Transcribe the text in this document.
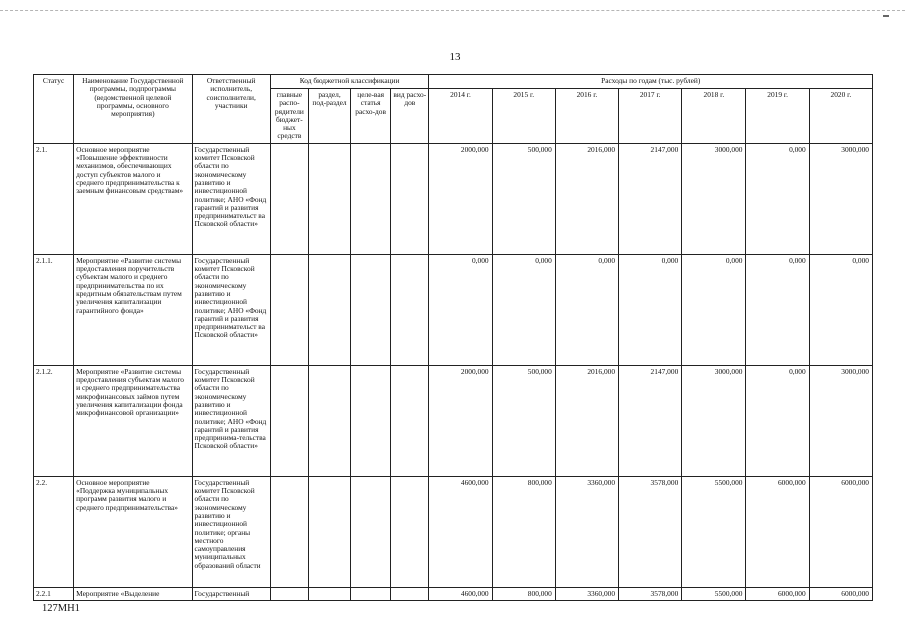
13
Статус	Наименование Государственной программы, подпрограммы (ведомственной целевой программы, основного мероприятия)	Ответственный исполнитель, соисполнители, участники	Код бюджетной классификации				Расходы по годам (тыс. рублей)						
			главные распо-рядители бюджет-ных средств	раздел, под-раздел	целе-вая статья расхо-дов	вид расхо-дов	2014 г.	2015 г.	2016 г.	2017 г.	2018 г.	2019 г.	2020 г.
2.1.	Основное мероприятие «Повышение эффективности механизмов, обеспечивающих доступ субъектов малого и среднего предпринимательства к заемным финансовым средствам»	Государственный комитет Псковской области по экономическому развитию и инвестиционной политике; АНО «Фонд гарантий и развития предпринимательст ва Псковской области»					2000,000	500,000	2016,000	2147,000	3000,000	0,000	3000,000
2.1.1.	Мероприятие «Развитие системы предоставления поручительств субъектам малого и среднего предпринимательства по их кредитным обязательствам путем увеличения капитализации гарантийного фонда»	Государственный комитет Псковской области по экономическому развитию и инвестиционной политике; АНО «Фонд гарантий и развития предпринимательст ва Псковской области»					0,000	0,000	0,000	0,000	0,000	0,000	0,000
2.1.2.	Мероприятие «Развитие системы предоставления субъектам малого и среднего предпринимательства микрофинансовых займов путем увеличения капитализации фонда микрофинансовой организации»	Государственный комитет Псковской области по экономическому развитию и инвестиционной политике; АНО «Фонд гарантий и развития предпринима-тельства Псковской области»					2000,000	500,000	2016,000	2147,000	3000,000	0,000	3000,000
2.2.	Основное мероприятие «Поддержка муниципальных программ развития малого и среднего предпринимательства»	Государственный комитет Псковской области по экономическому развитию и инвестиционной политике; органы местного самоуправления муниципальных образований области					4600,000	800,000	3360,000	3578,000	5500,000	6000,000	6000,000
2.2.1	Мероприятие «Выделение	Государственный					4600,000	800,000	3360,000	3578,000	5500,000	6000,000	6000,000
127МН1
